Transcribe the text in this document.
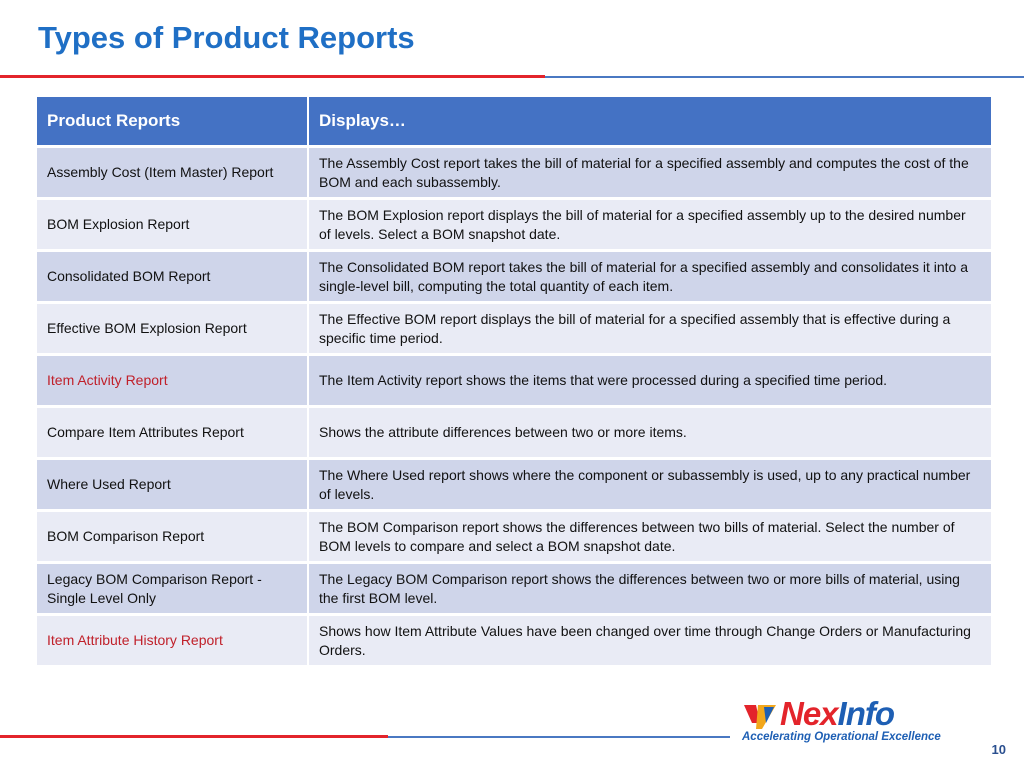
Types of Product Reports
Product Reports	Displays…
Assembly Cost (Item Master) Report	The Assembly Cost report takes the bill of material for a specified assembly and computes the cost of the BOM and each subassembly.
BOM Explosion Report	The BOM Explosion report displays the bill of material for a specified assembly up to the desired number of levels. Select a BOM snapshot date.
Consolidated BOM Report	The Consolidated BOM report takes the bill of material for a specified assembly and consolidates it into a single-level bill, computing the total quantity of each item.
Effective BOM Explosion Report	The Effective BOM report displays the bill of material for a specified assembly that is effective during a specific time period.
Item Activity Report	The Item Activity report shows the items that were processed during a specified time period.
Compare Item Attributes Report	Shows the attribute differences between two or more items.
Where Used Report	The Where Used report shows where the component or subassembly is used, up to any practical number of levels.
BOM Comparison Report	The BOM Comparison report shows the differences between two bills of material. Select the number of BOM levels to compare and select a BOM snapshot date.
Legacy BOM Comparison Report - Single Level Only	The Legacy BOM Comparison report shows the differences between two or more bills of material, using the first BOM level.
Item Attribute History Report	Shows how Item Attribute Values have been changed over time through Change Orders or Manufacturing Orders.
NexInfo
Accelerating Operational Excellence
10
